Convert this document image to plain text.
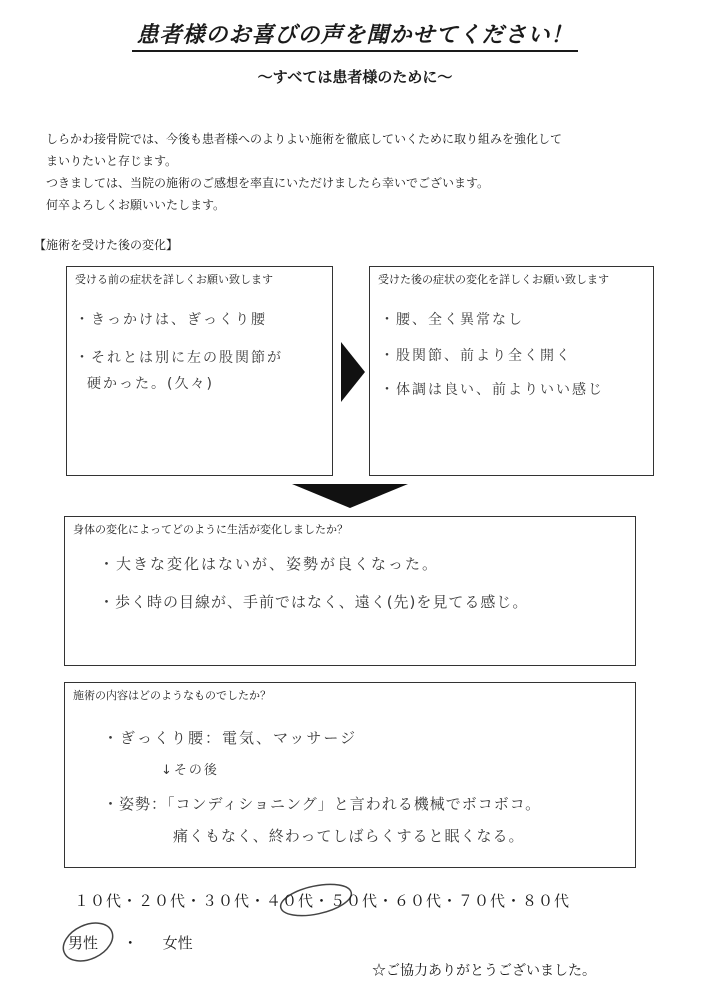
患者様のお喜びの声を聞かせてください！
～すべては患者様のために～
しらかわ接骨院では、今後も患者様へのよりよい施術を徹底していくために取り組みを強化して
まいりたいと存じます。
つきましては、当院の施術のご感想を率直にいただけましたら幸いでございます。
何卒よろしくお願いいたします。
【施術を受けた後の変化】
受ける前の症状を詳しくお願い致します
・きっかけは、ぎっくり腰
・それとは別に左の股関節が
硬かった。(久々)
受けた後の症状の変化を詳しくお願い致します
・腰、全く異常なし
・股関節、前より全く開く
・体調は良い、前よりいい感じ
身体の変化によってどのように生活が変化しましたか？
・大きな変化はないが、姿勢が良くなった。
・歩く時の目線が、手前ではなく、遠く(先)を見てる感じ。
施術の内容はどのようなものでしたか？
・ぎっくり腰：電気、マッサージ
↓その後
・姿勢：「コンディショニング」と言われる機械でボコボコ。
痛くもなく、終わってしばらくすると眠くなる。
１０代・２０代・３０代・４０代・５０代・６０代・７０代・８０代
男性 ・ 女性
☆ご協力ありがとうございました。
